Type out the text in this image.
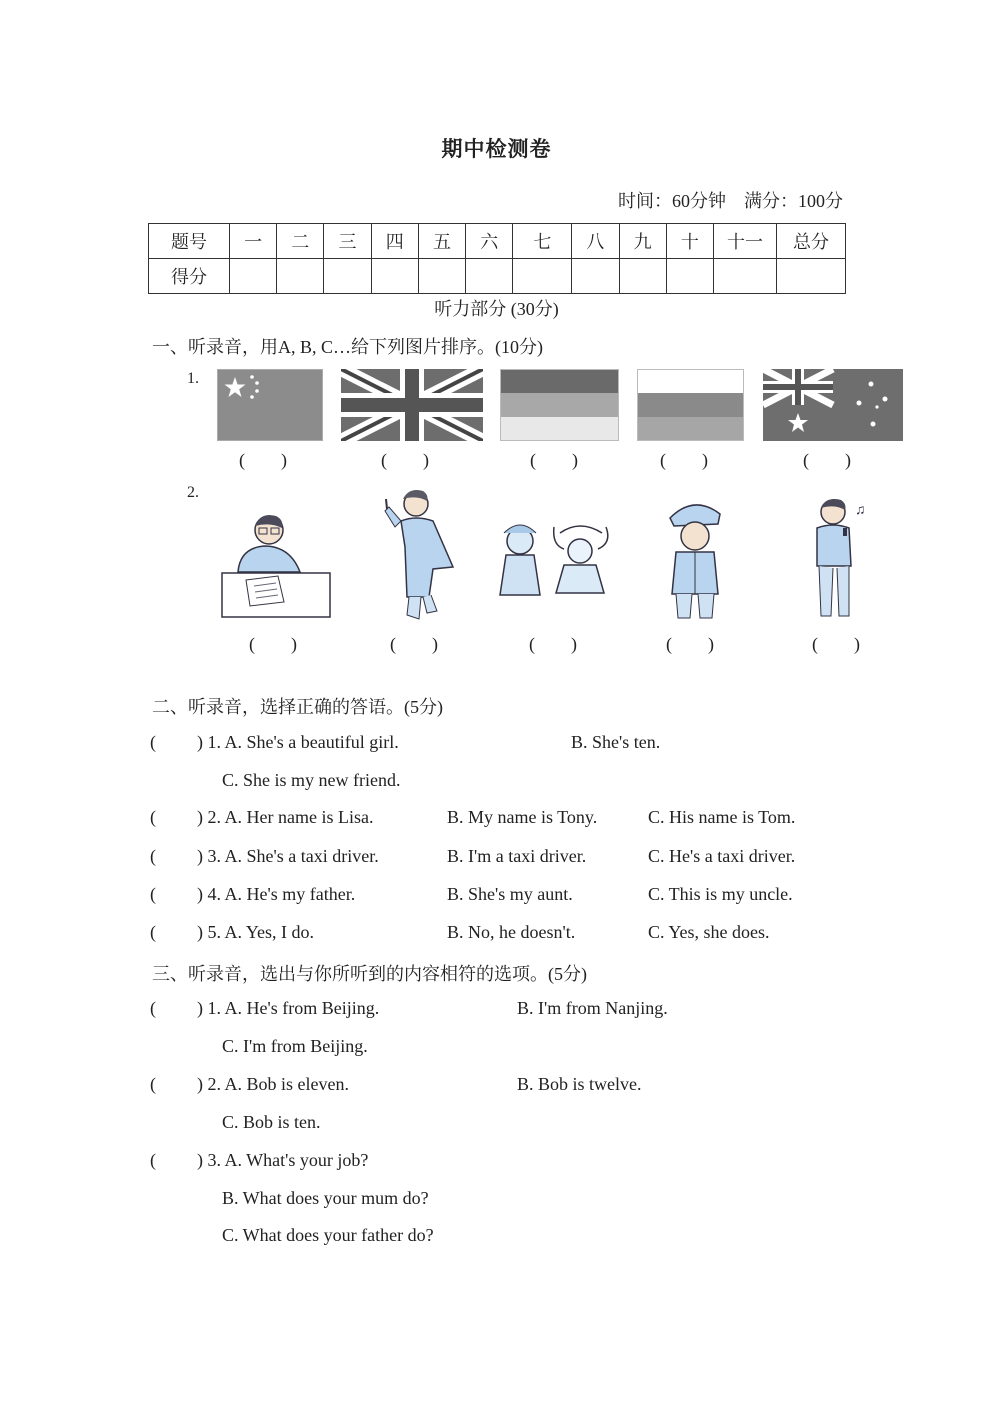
期中检测卷
时间：60分钟　满分：100分
题号	一	二	三	四	五	六	七	八	九	十	十一	总分
得分												
听力部分 (30分)
一、听录音，用A, B, C…给下列图片排序。(10分)
1.
(　　)	(　　)	(　　)	(　　)	(　　)
2.
♫
(　　)	(　　)	(　　)	(　　)	(　　)
二、听录音，选择正确的答语。(5分)
( ) 1. A. She's a beautiful girl.	B. She's ten.
C. She is my new friend.
( ) 2. A. Her name is Lisa.	B. My name is Tony.	C. His name is Tom.
( ) 3. A. She's a taxi driver.	B. I'm a taxi driver.	C. He's a taxi driver.
( ) 4. A. He's my father.	B. She's my aunt.	C. This is my uncle.
( ) 5. A. Yes, I do.	B. No, he doesn't.	C. Yes, she does.
三、听录音，选出与你所听到的内容相符的选项。(5分)
( ) 1. A. He's from Beijing.	B. I'm from Nanjing.
C. I'm from Beijing.
( ) 2. A. Bob is eleven.	B. Bob is twelve.
C. Bob is ten.
( ) 3. A. What's your job?
B. What does your mum do?
C. What does your father do?
